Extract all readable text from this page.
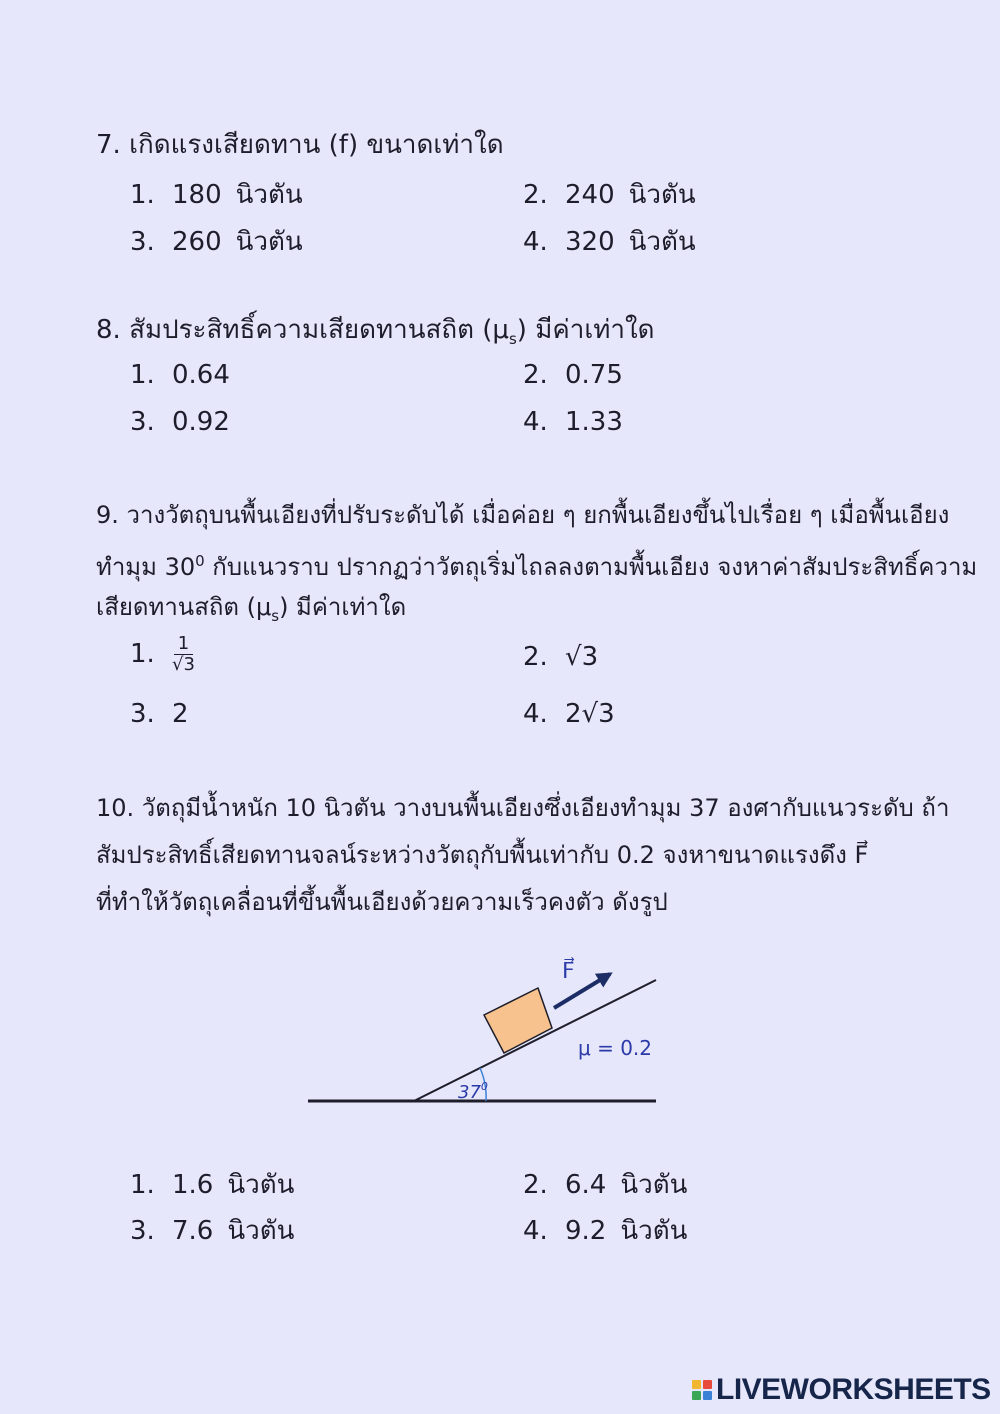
7. เกิดแรงเสียดทาน (f) ขนาดเท่าใด
1. 180 นิวตัน	2. 240 นิวตัน
3. 260 นิวตัน	4. 320 นิวตัน
8. สัมประสิทธิ์ความเสียดทานสถิต $(\mu_s)$ มีค่าเท่าใด
1. 0.64	2. 0.75
3. 0.92	4. 1.33
9. วางวัตถุบนพื้นเอียงที่ปรับระดับได้ เมื่อค่อย ๆ ยกพื้นเอียงขึ้นไปเรื่อย ๆ เมื่อพื้นเอียง
ทำมุม $30^0$ กับแนวราบ ปรากฏว่าวัตถุเริ่มไถลลงตามพื้นเอียง จงหาค่าสัมประสิทธิ์ความ
เสียดทานสถิต $(\mu_s)$ มีค่าเท่าใด
1. $\frac{1}{√3}$	2. √3
3. 2	4. 2√3
10. วัตถุมีน้ำหนัก 10 นิวตัน วางบนพื้นเอียงซึ่งเอียงทำมุม 37 องศากับแนวระดับ ถ้า
สัมประสิทธิ์เสียดทานจลน์ระหว่างวัตถุกับพื้นเท่ากับ 0.2 จงหาขนาดแรงดึง F⃗
ที่ทำให้วัตถุเคลื่อนที่ขึ้นพื้นเอียงด้วยความเร็วคงตัว ดังรูป
F⃗
μ = 0.2
$37^0$
1. 1.6 นิวตัน	2. 6.4 นิวตัน
3. 7.6 นิวตัน	4. 9.2 นิวตัน
LIVEWORKSHEETS
